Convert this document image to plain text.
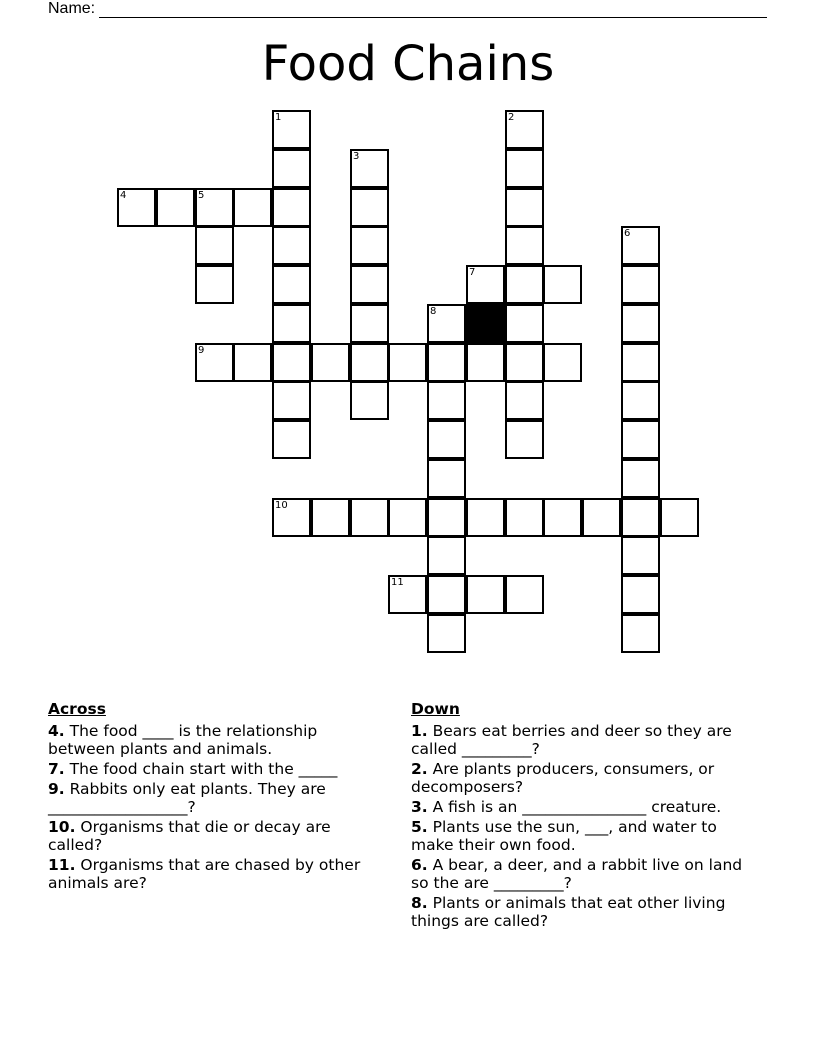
Name:
Food Chains
1	2
3
4	5
6
7
8
9
10
11
Across
4. The food ____ is the relationship between plants and animals.
7. The food chain start with the _____
9. Rabbits only eat plants. They are __________________?
10. Organisms that die or decay are called?
11. Organisms that are chased by other animals are?
Down
1. Bears eat berries and deer so they are called _________?
2. Are plants producers, consumers, or decomposers?
3. A fish is an ________________ creature.
5. Plants use the sun, ___, and water to make their own food.
6. A bear, a deer, and a rabbit live on land so the are _________?
8. Plants or animals that eat other living things are called?
